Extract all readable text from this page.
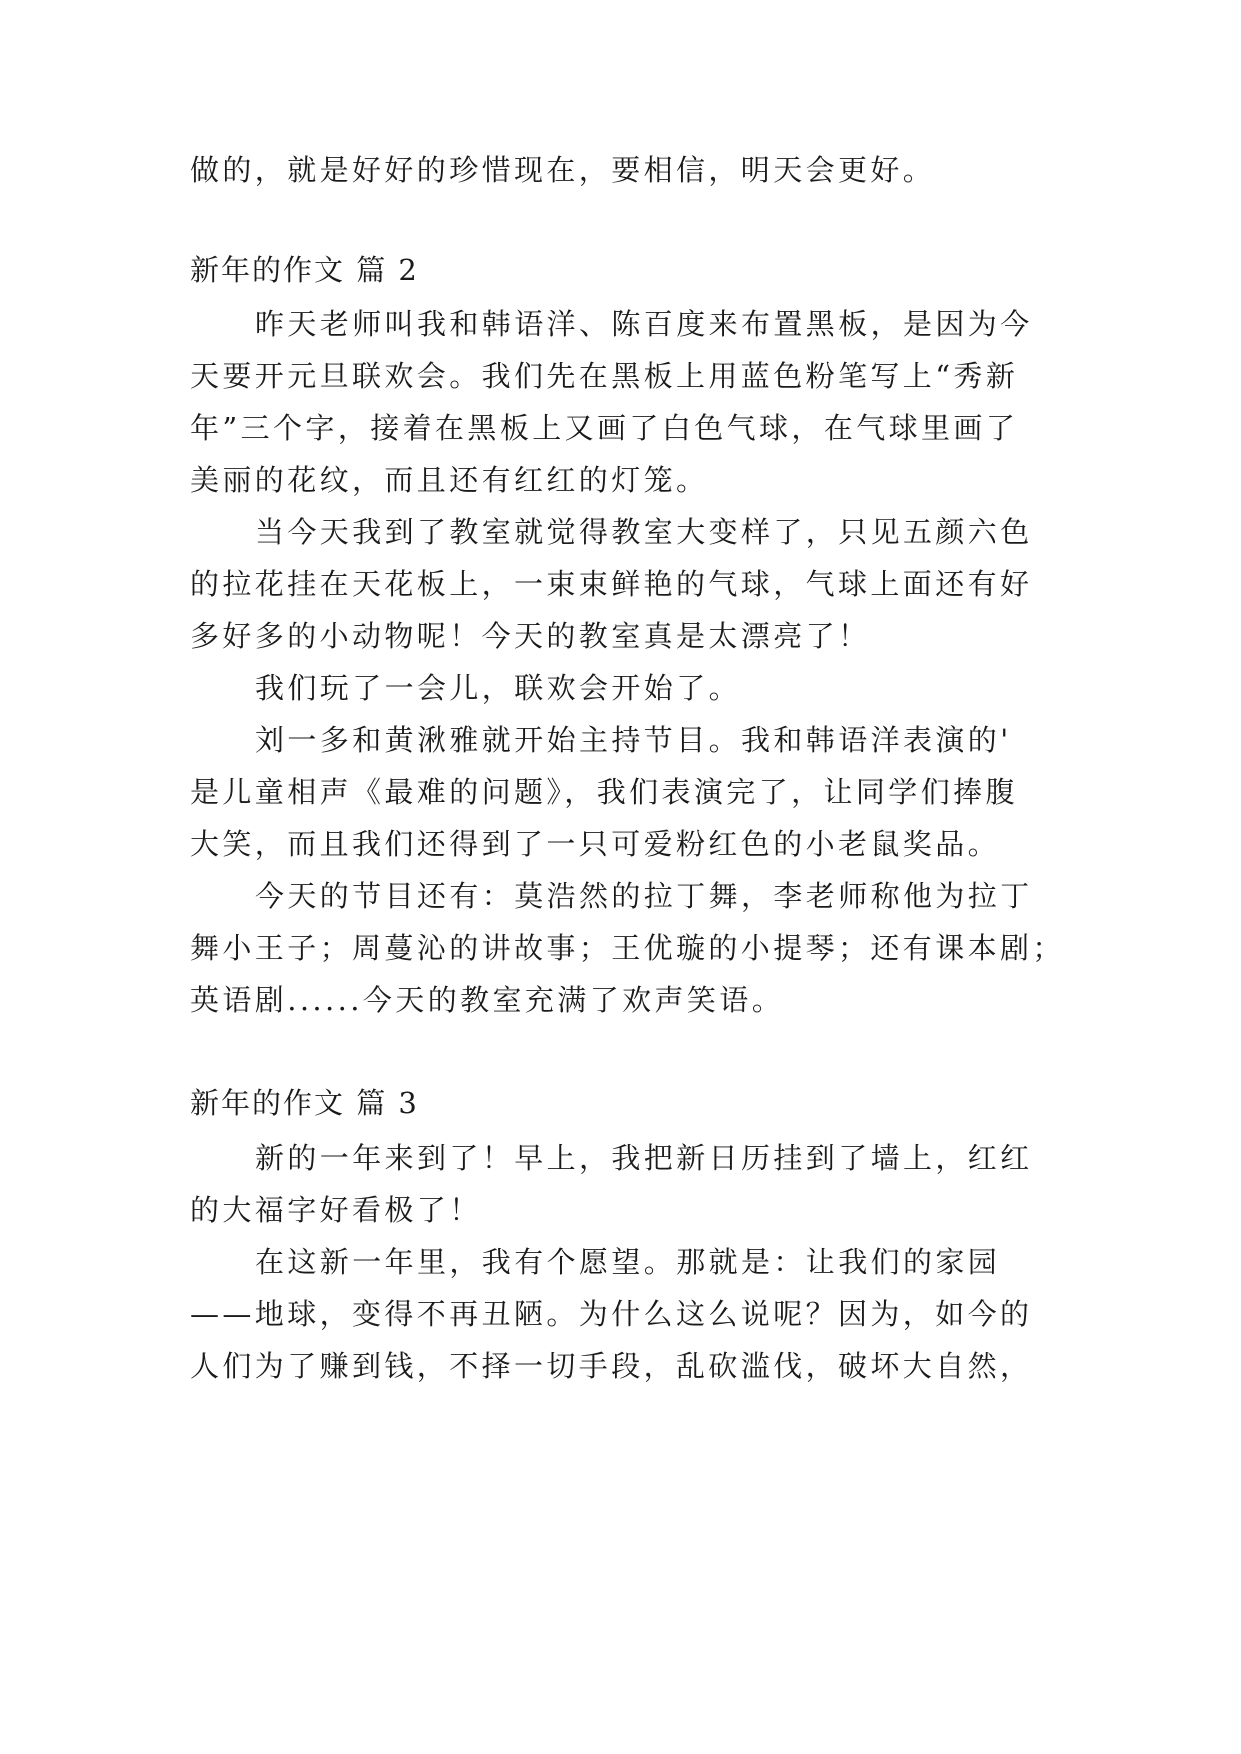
做的，就是好好的珍惜现在，要相信，明天会更好。
新年的作文 篇 2
昨天老师叫我和韩语洋、陈百度来布置黑板，是因为今
天要开元旦联欢会。我们先在黑板上用蓝色粉笔写上“秀新
年”三个字，接着在黑板上又画了白色气球，在气球里画了
美丽的花纹，而且还有红红的灯笼。
当今天我到了教室就觉得教室大变样了，只见五颜六色
的拉花挂在天花板上，一束束鲜艳的气球，气球上面还有好
多好多的小动物呢！今天的教室真是太漂亮了！
我们玩了一会儿，联欢会开始了。
刘一多和黄湫雅就开始主持节目。我和韩语洋表演的'
是儿童相声《最难的问题》，我们表演完了，让同学们捧腹
大笑，而且我们还得到了一只可爱粉红色的小老鼠奖品。
今天的节目还有：莫浩然的拉丁舞，李老师称他为拉丁
舞小王子；周蔓沁的讲故事；王优璇的小提琴；还有课本剧；
英语剧......今天的教室充满了欢声笑语。
新年的作文 篇 3
新的一年来到了！早上，我把新日历挂到了墙上，红红
的大福字好看极了！
在这新一年里，我有个愿望。那就是：让我们的家园
——地球，变得不再丑陋。为什么这么说呢？因为，如今的
人们为了赚到钱，不择一切手段，乱砍滥伐，破坏大自然，
